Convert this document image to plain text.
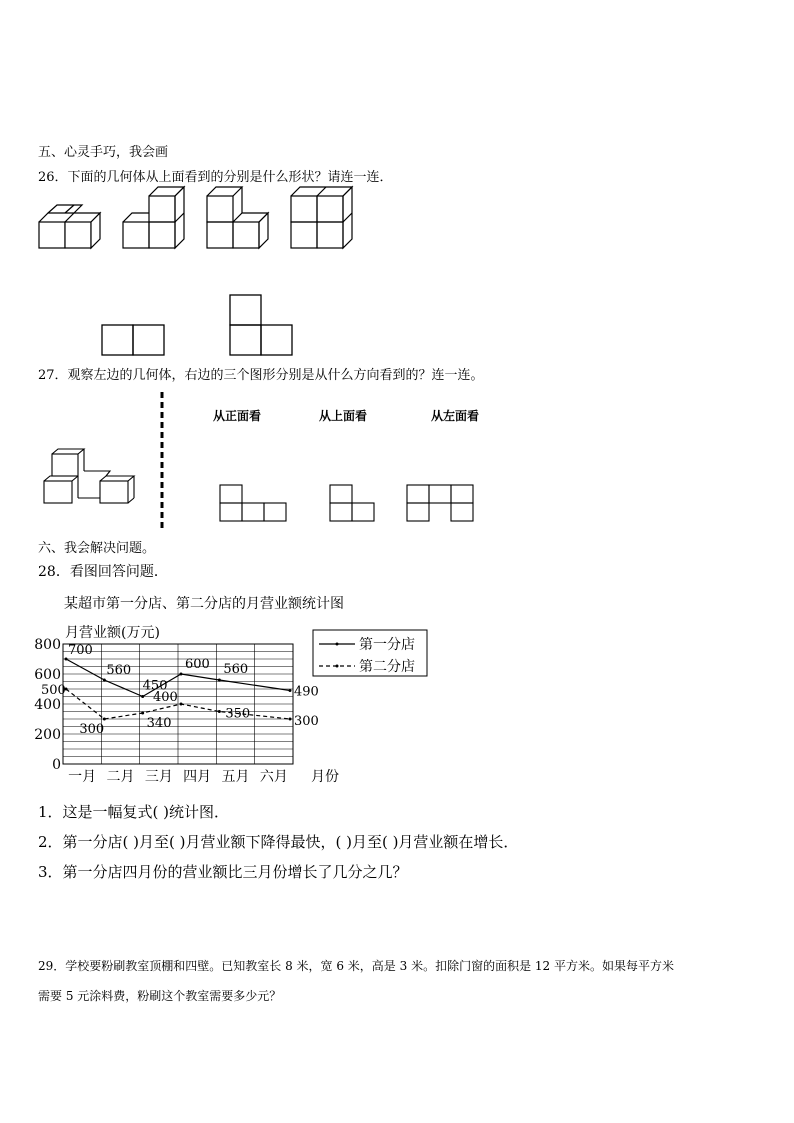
五、心灵手巧，我会画
26．下面的几何体从上面看到的分别是什么形状？请连一连．
27．观察左边的几何体，右边的三个图形分别是从什么方向看到的？连一连。
从正面看	从上面看	从左面看
六、我会解决问题。
28．看图回答问题．
某超市第一分店、第二分店的月营业额统计图
月营业额(万元)
0
200
400
600
800
一月 二月 三月 四月 五月 六月 月份
700
560
450
600 560
490
500
300	340
400
350	300
第一分店
第二分店
1．这是一幅复式( )统计图．
2．第一分店( )月至( )月营业额下降得最快，( )月至( )月营业额在增长．
3．第一分店四月份的营业额比三月份增长了几分之几？
29．学校要粉刷教室顶棚和四壁。已知教室长 8 米，宽 6 米，高是 3 米。扣除门窗的面积是 12 平方米。如果每平方米
需要 5 元涂料费，粉刷这个教室需要多少元？
